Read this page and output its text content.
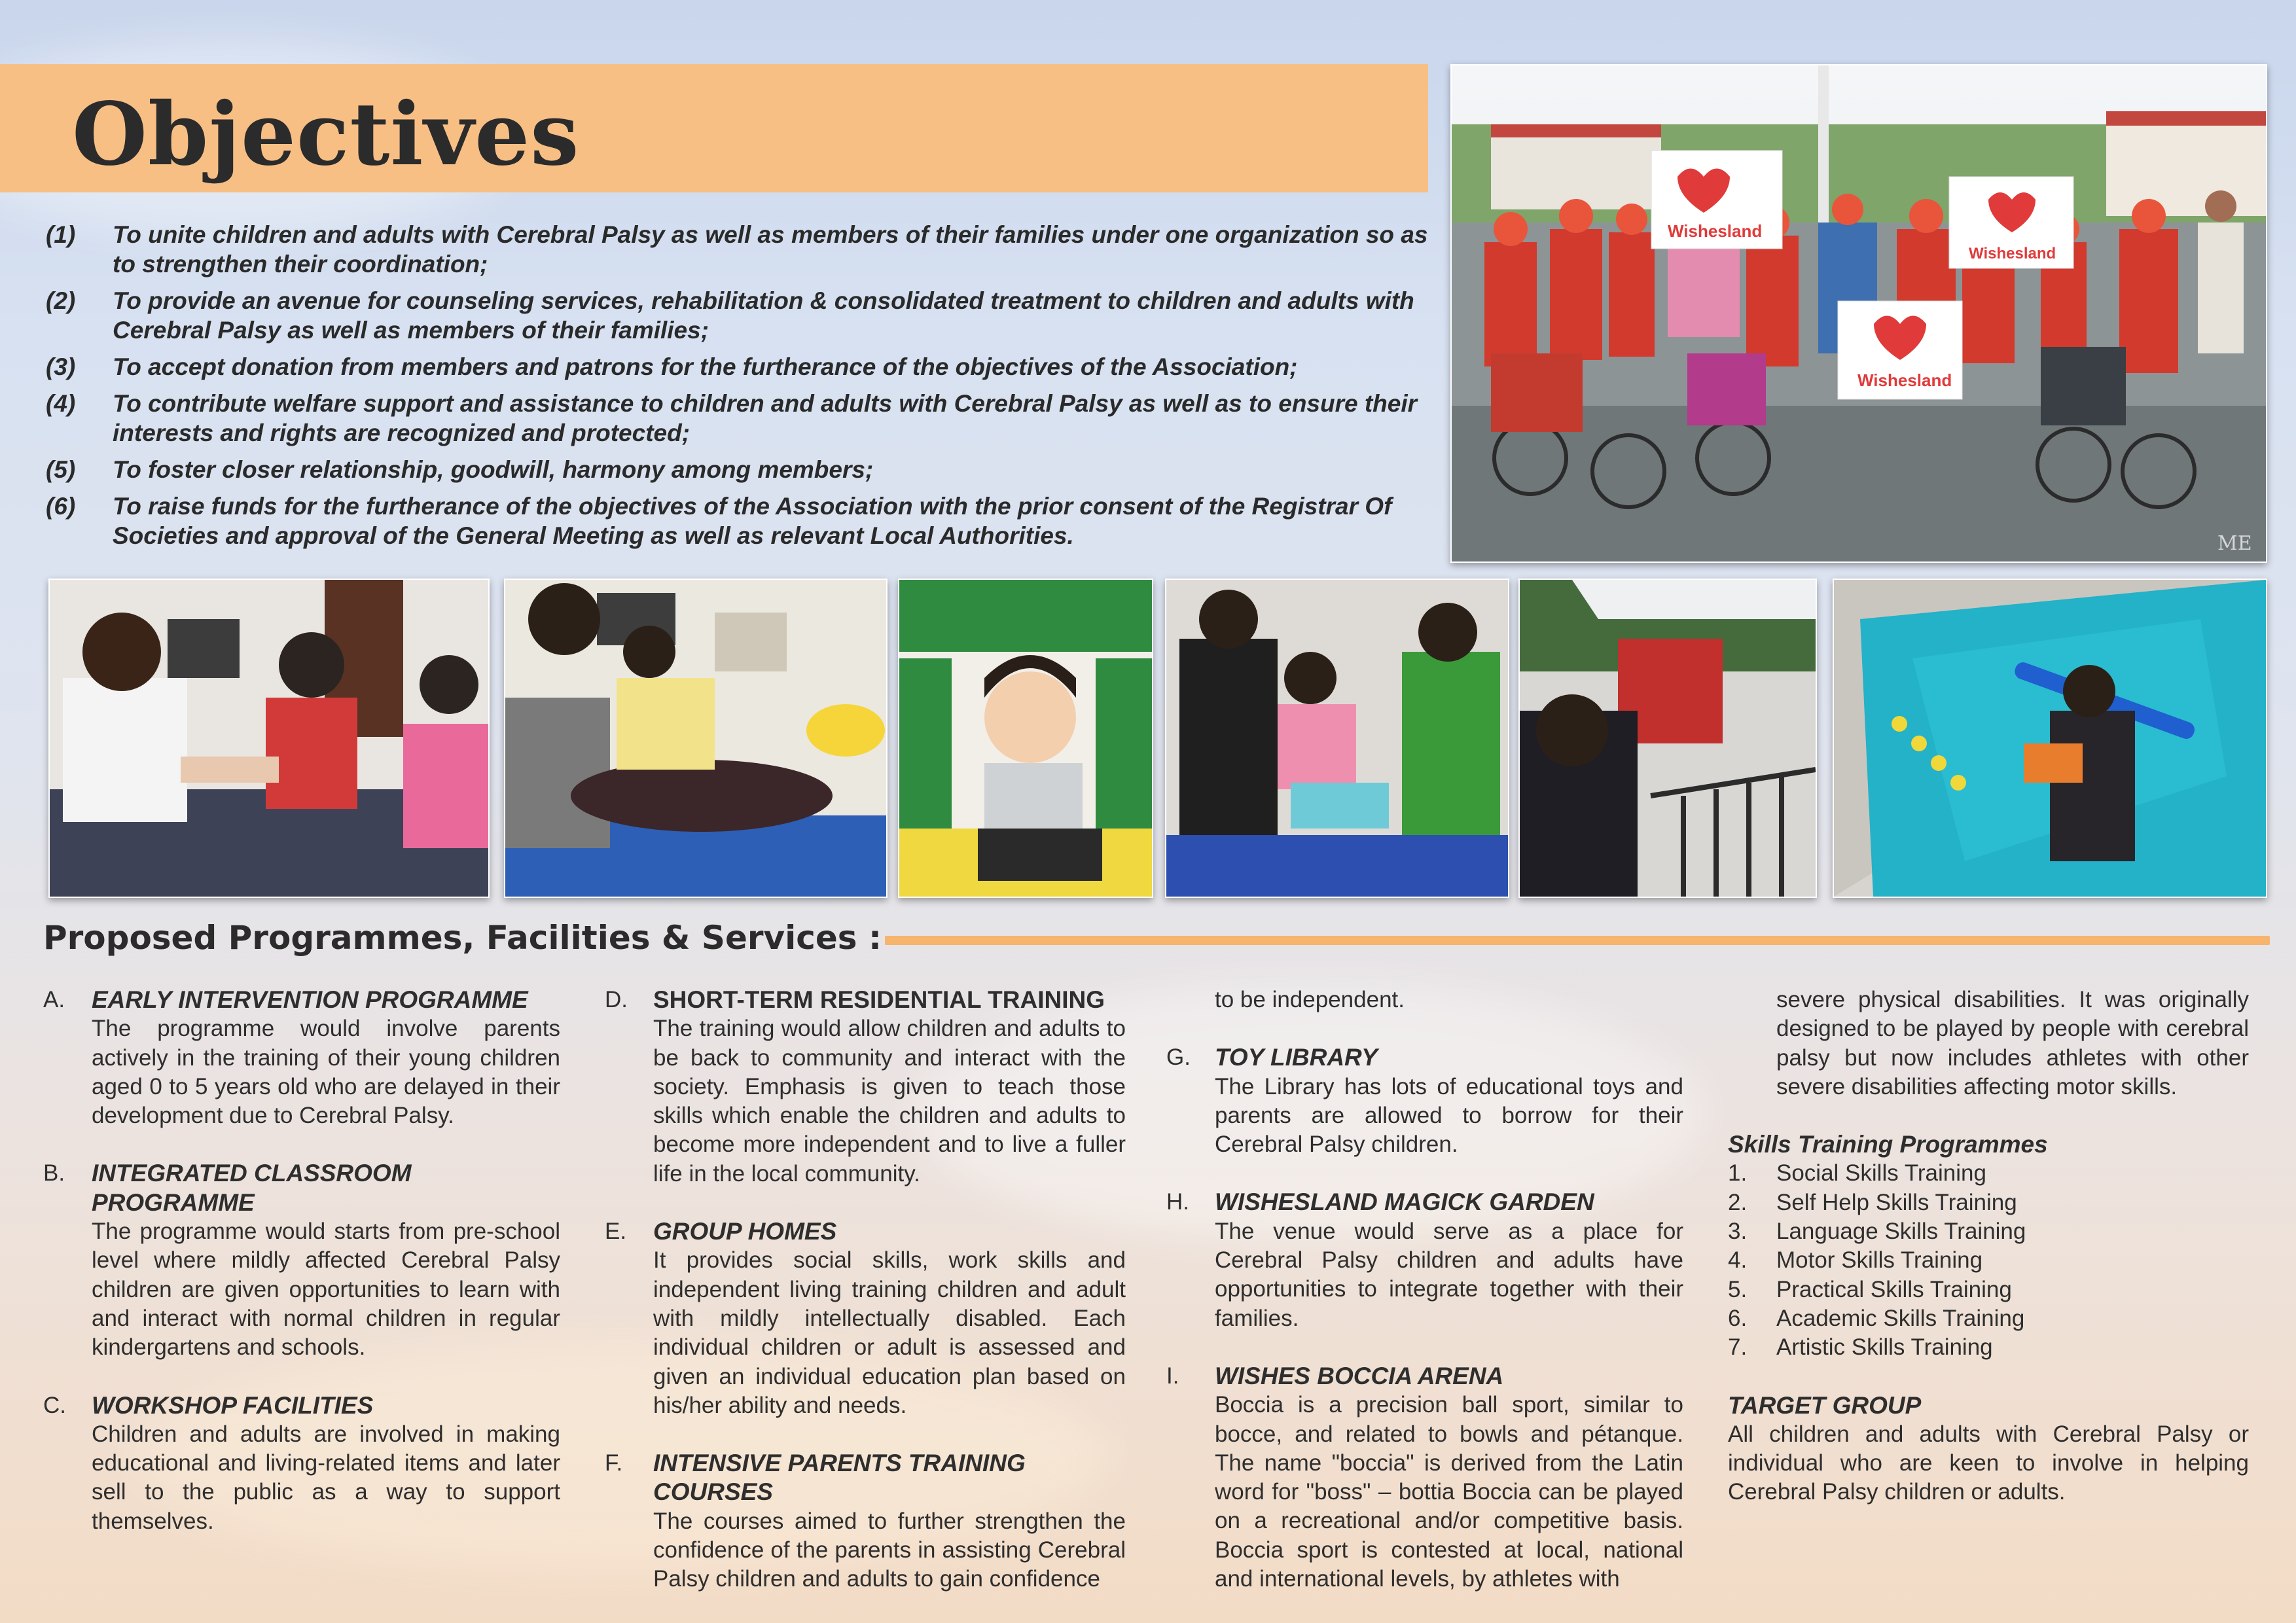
Objectives
(1)	To unite children and adults with Cerebral Palsy as well as members of their families under one organization so as to strengthen their coordination;
(2)	To provide an avenue for counseling services, rehabilitation & consolidated treatment to children and adults with Cerebral Palsy as well as members of their families;
(3)	To accept donation from members and patrons for the furtherance of the objectives of the Association;
(4)	To contribute welfare support and assistance to children and adults with Cerebral Palsy as well as to ensure their interests and rights are recognized and protected;
(5)	To foster closer relationship, goodwill, harmony among members;
(6)	To raise funds for the furtherance of the objectives of the Association with the prior consent of the Registrar Of Societies and approval of the General Meeting as well as relevant Local Authorities.
Wishesland
Wishesland
Wishesland
ME
Proposed Programmes, Facilities & Services :
A.	EARLY INTERVENTION PROGRAMME
The programme would involve parents actively in the training of their young children aged 0 to 5 years old who are delayed in their development due to Cerebral Palsy.
B.	INTEGRATED CLASSROOM PROGRAMME
The programme would starts from pre-school level where mildly affected Cerebral Palsy children are given opportunities to learn with and interact with normal children in regular kindergartens and schools.
C.	WORKSHOP FACILITIES
Children and adults are involved in making educational and living-related items and later sell to the public as a way to support themselves.
D.	SHORT-TERM RESIDENTIAL TRAINING
The training would allow children and adults to be back to community and interact with the society. Emphasis is given to teach those skills which enable the children and adults to become more independent and to live a fuller life in the local community.
E.	GROUP HOMES
It provides social skills, work skills and independent living training children and adult with mildly intellectually disabled. Each individual children or adult is assessed and given an individual education plan based on his/her ability and needs.
F.	INTENSIVE PARENTS TRAINING COURSES
The courses aimed to further strengthen the confidence of the parents in assisting Cerebral Palsy children and adults to gain confidence
to be independent.
G.	TOY LIBRARY
The Library has lots of educational toys and parents are allowed to borrow for their Cerebral Palsy children.
H.	WISHESLAND MAGICK GARDEN
The venue would serve as a place for Cerebral Palsy children and adults have opportunities to integrate together with their families.
I.	WISHES BOCCIA ARENA
Boccia is a precision ball sport, similar to bocce, and related to bowls and pétanque. The name "boccia" is derived from the Latin word for "boss" – bottia Boccia can be played on a recreational and/or competitive basis. Boccia sport is contested at local, national and international levels, by athletes with
severe physical disabilities. It was originally designed to be played by people with cerebral palsy but now includes athletes with other severe disabilities affecting motor skills.
Skills Training Programmes
1.	Social Skills Training
2.	Self Help Skills Training
3.	Language Skills Training
4.	Motor Skills Training
5.	Practical Skills Training
6.	Academic Skills Training
7.	Artistic Skills Training
TARGET GROUP
All children and adults with Cerebral Palsy or individual who are keen to involve in helping Cerebral Palsy children or adults.
